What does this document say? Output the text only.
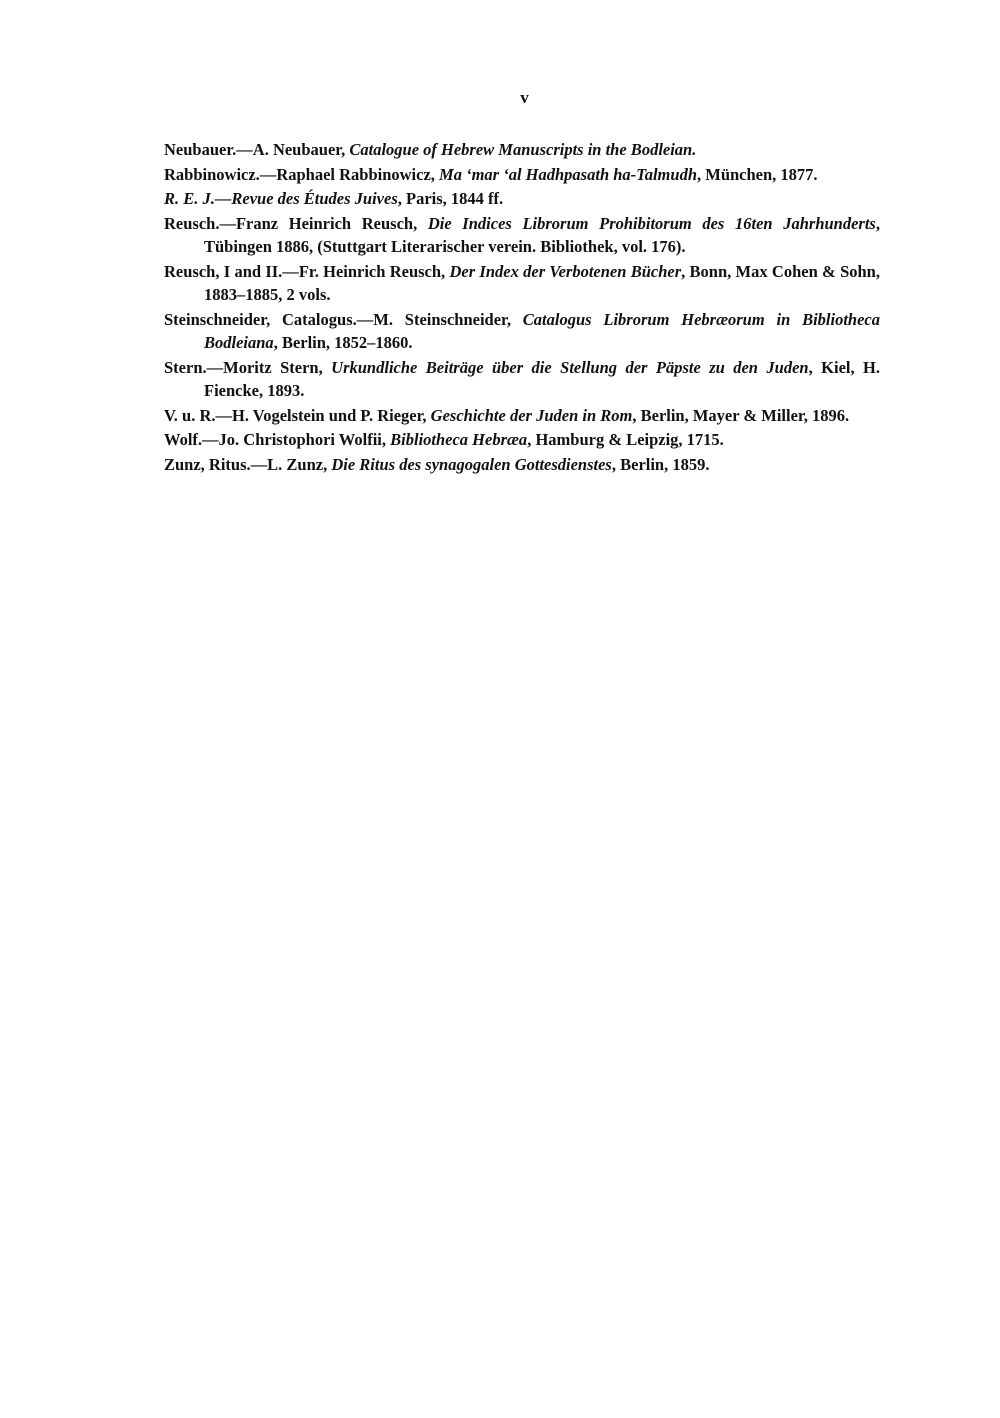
v

Neubauer.—A. Neubauer, Catalogue of Hebrew Manuscripts in the Bodleian.

Rabbinowicz.—Raphael Rabbinowicz, Ma ‘mar ‘al Hadhpasath ha-Talmudh, München, 1877.

R. E. J.—Revue des Études Juives, Paris, 1844 ff.

Reusch.—Franz Heinrich Reusch, Die Indices Librorum Prohibitorum des 16ten Jahrhunderts, Tübingen 1886, (Stuttgart Literarischer verein. Bibliothek, vol. 176).

Reusch, I and II.—Fr. Heinrich Reusch, Der Index der Verbotenen Bücher, Bonn, Max Cohen & Sohn, 1883–1885, 2 vols.

Steinschneider, Catalogus.—M. Steinschneider, Catalogus Librorum Hebræorum in Bibliotheca Bodleiana, Berlin, 1852–1860.

Stern.—Moritz Stern, Urkundliche Beiträge über die Stellung der Päpste zu den Juden, Kiel, H. Fiencke, 1893.

V. u. R.—H. Vogelstein und P. Rieger, Geschichte der Juden in Rom, Berlin, Mayer & Miller, 1896.

Wolf.—Jo. Christophori Wolfii, Bibliotheca Hebræa, Hamburg & Leipzig, 1715.

Zunz, Ritus.—L. Zunz, Die Ritus des synagogalen Gottesdienstes, Berlin, 1859.
